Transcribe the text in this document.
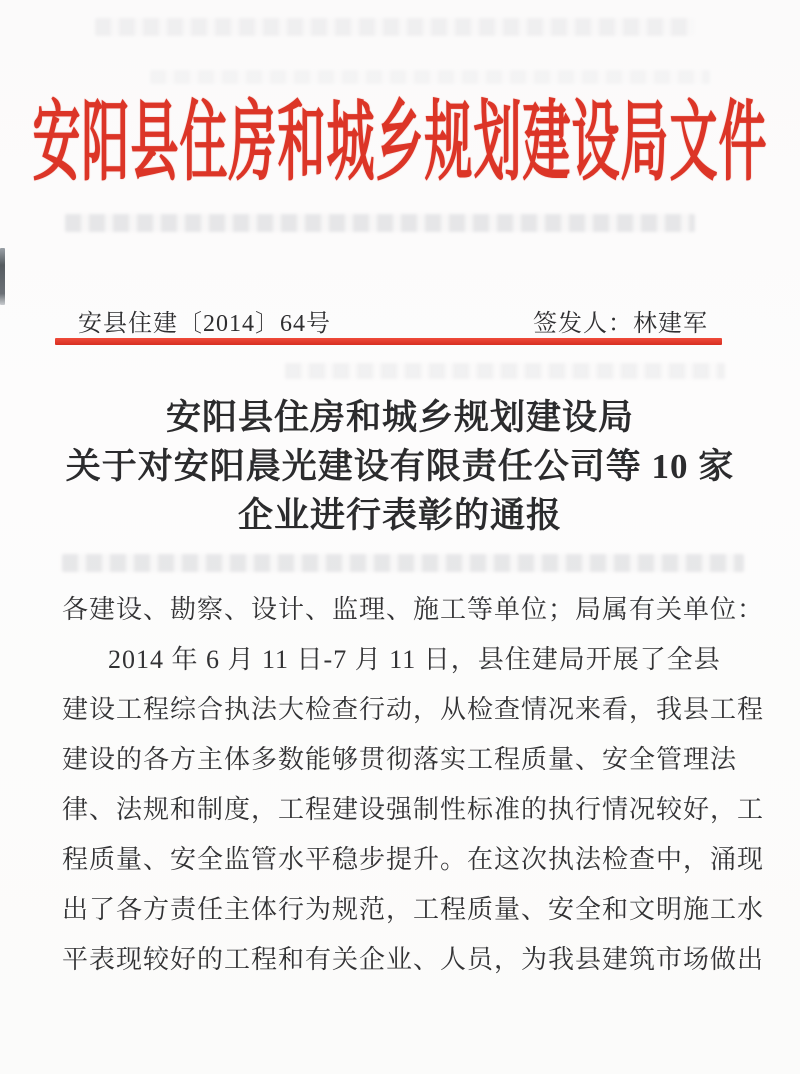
安阳县住房和城乡规划建设局文件
安县住建〔2014〕64号	签发人：林建军
安阳县住房和城乡规划建设局
关于对安阳晨光建设有限责任公司等 10 家
企业进行表彰的通报
各建设、勘察、设计、监理、施工等单位；局属有关单位：
2014 年 6 月 11 日-7 月 11 日，县住建局开展了全县
建设工程综合执法大检查行动，从检查情况来看，我县工程
建设的各方主体多数能够贯彻落实工程质量、安全管理法
律、法规和制度，工程建设强制性标准的执行情况较好，工
程质量、安全监管水平稳步提升。在这次执法检查中，涌现
出了各方责任主体行为规范，工程质量、安全和文明施工水
平表现较好的工程和有关企业、人员，为我县建筑市场做出
